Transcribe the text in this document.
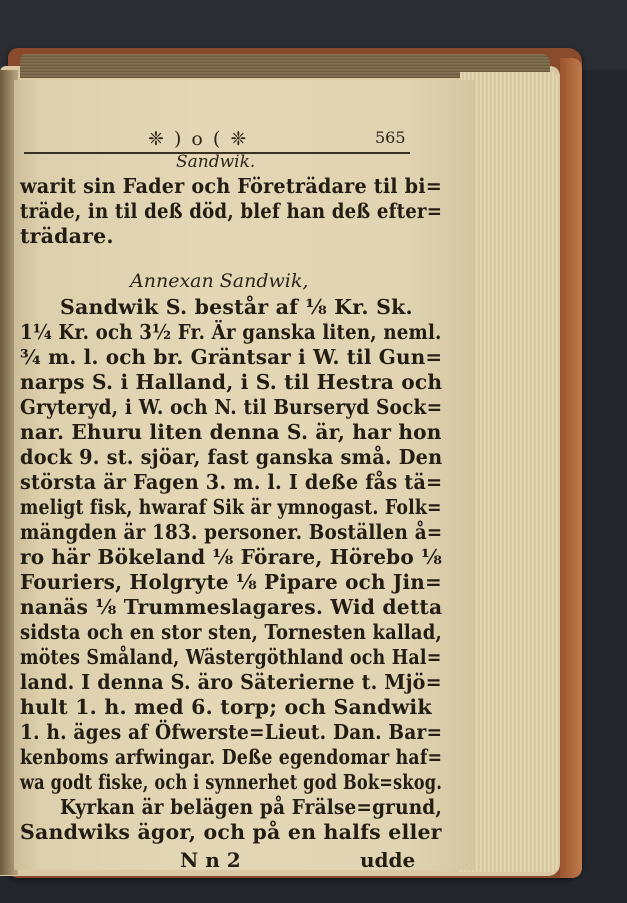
❈ ) o ( ❈	565
Sandwik.
warit sin Fader och Företrädare til bi=
träde, in til deß död, blef han deß efter=
trädare.
Annexan Sandwik,
Sandwik S. består af ⅛ Kr. Sk.
1¼ Kr. och 3½ Fr. Är ganska liten, neml.
¾ m. l. och br. Gräntsar i W. til Gun=
narps S. i Halland, i S. til Hestra och
Gryteryd, i W. och N. til Burseryd Sock=
nar. Ehuru liten denna S. är, har hon
dock 9. st. sjöar, fast ganska små. Den
största är Fagen 3. m. l. I deße fås tä=
meligt fisk, hwaraf Sik är ymnogast. Folk=
mängden är 183. personer. Boställen å=
ro här Bökeland ⅛ Förare, Hörebo ⅛
Fouriers, Holgryte ⅛ Pipare och Jin=
nanäs ⅛ Trummeslagares. Wid detta
sidsta och en stor sten, Tornesten kallad,
mötes Småland, Wästergöthland och Hal=
land. I denna S. äro Säterierne t. Mjö=
hult 1. h. med 6. torp; och Sandwik
1. h. äges af Öfwerste=Lieut. Dan. Bar=
kenboms arfwingar. Deße egendomar haf=
wa godt fiske, och i synnerhet god Bok=skog.
Kyrkan är belägen på Frälse=grund,
Sandwiks ägor, och på en halfs eller
N n 2	udde
